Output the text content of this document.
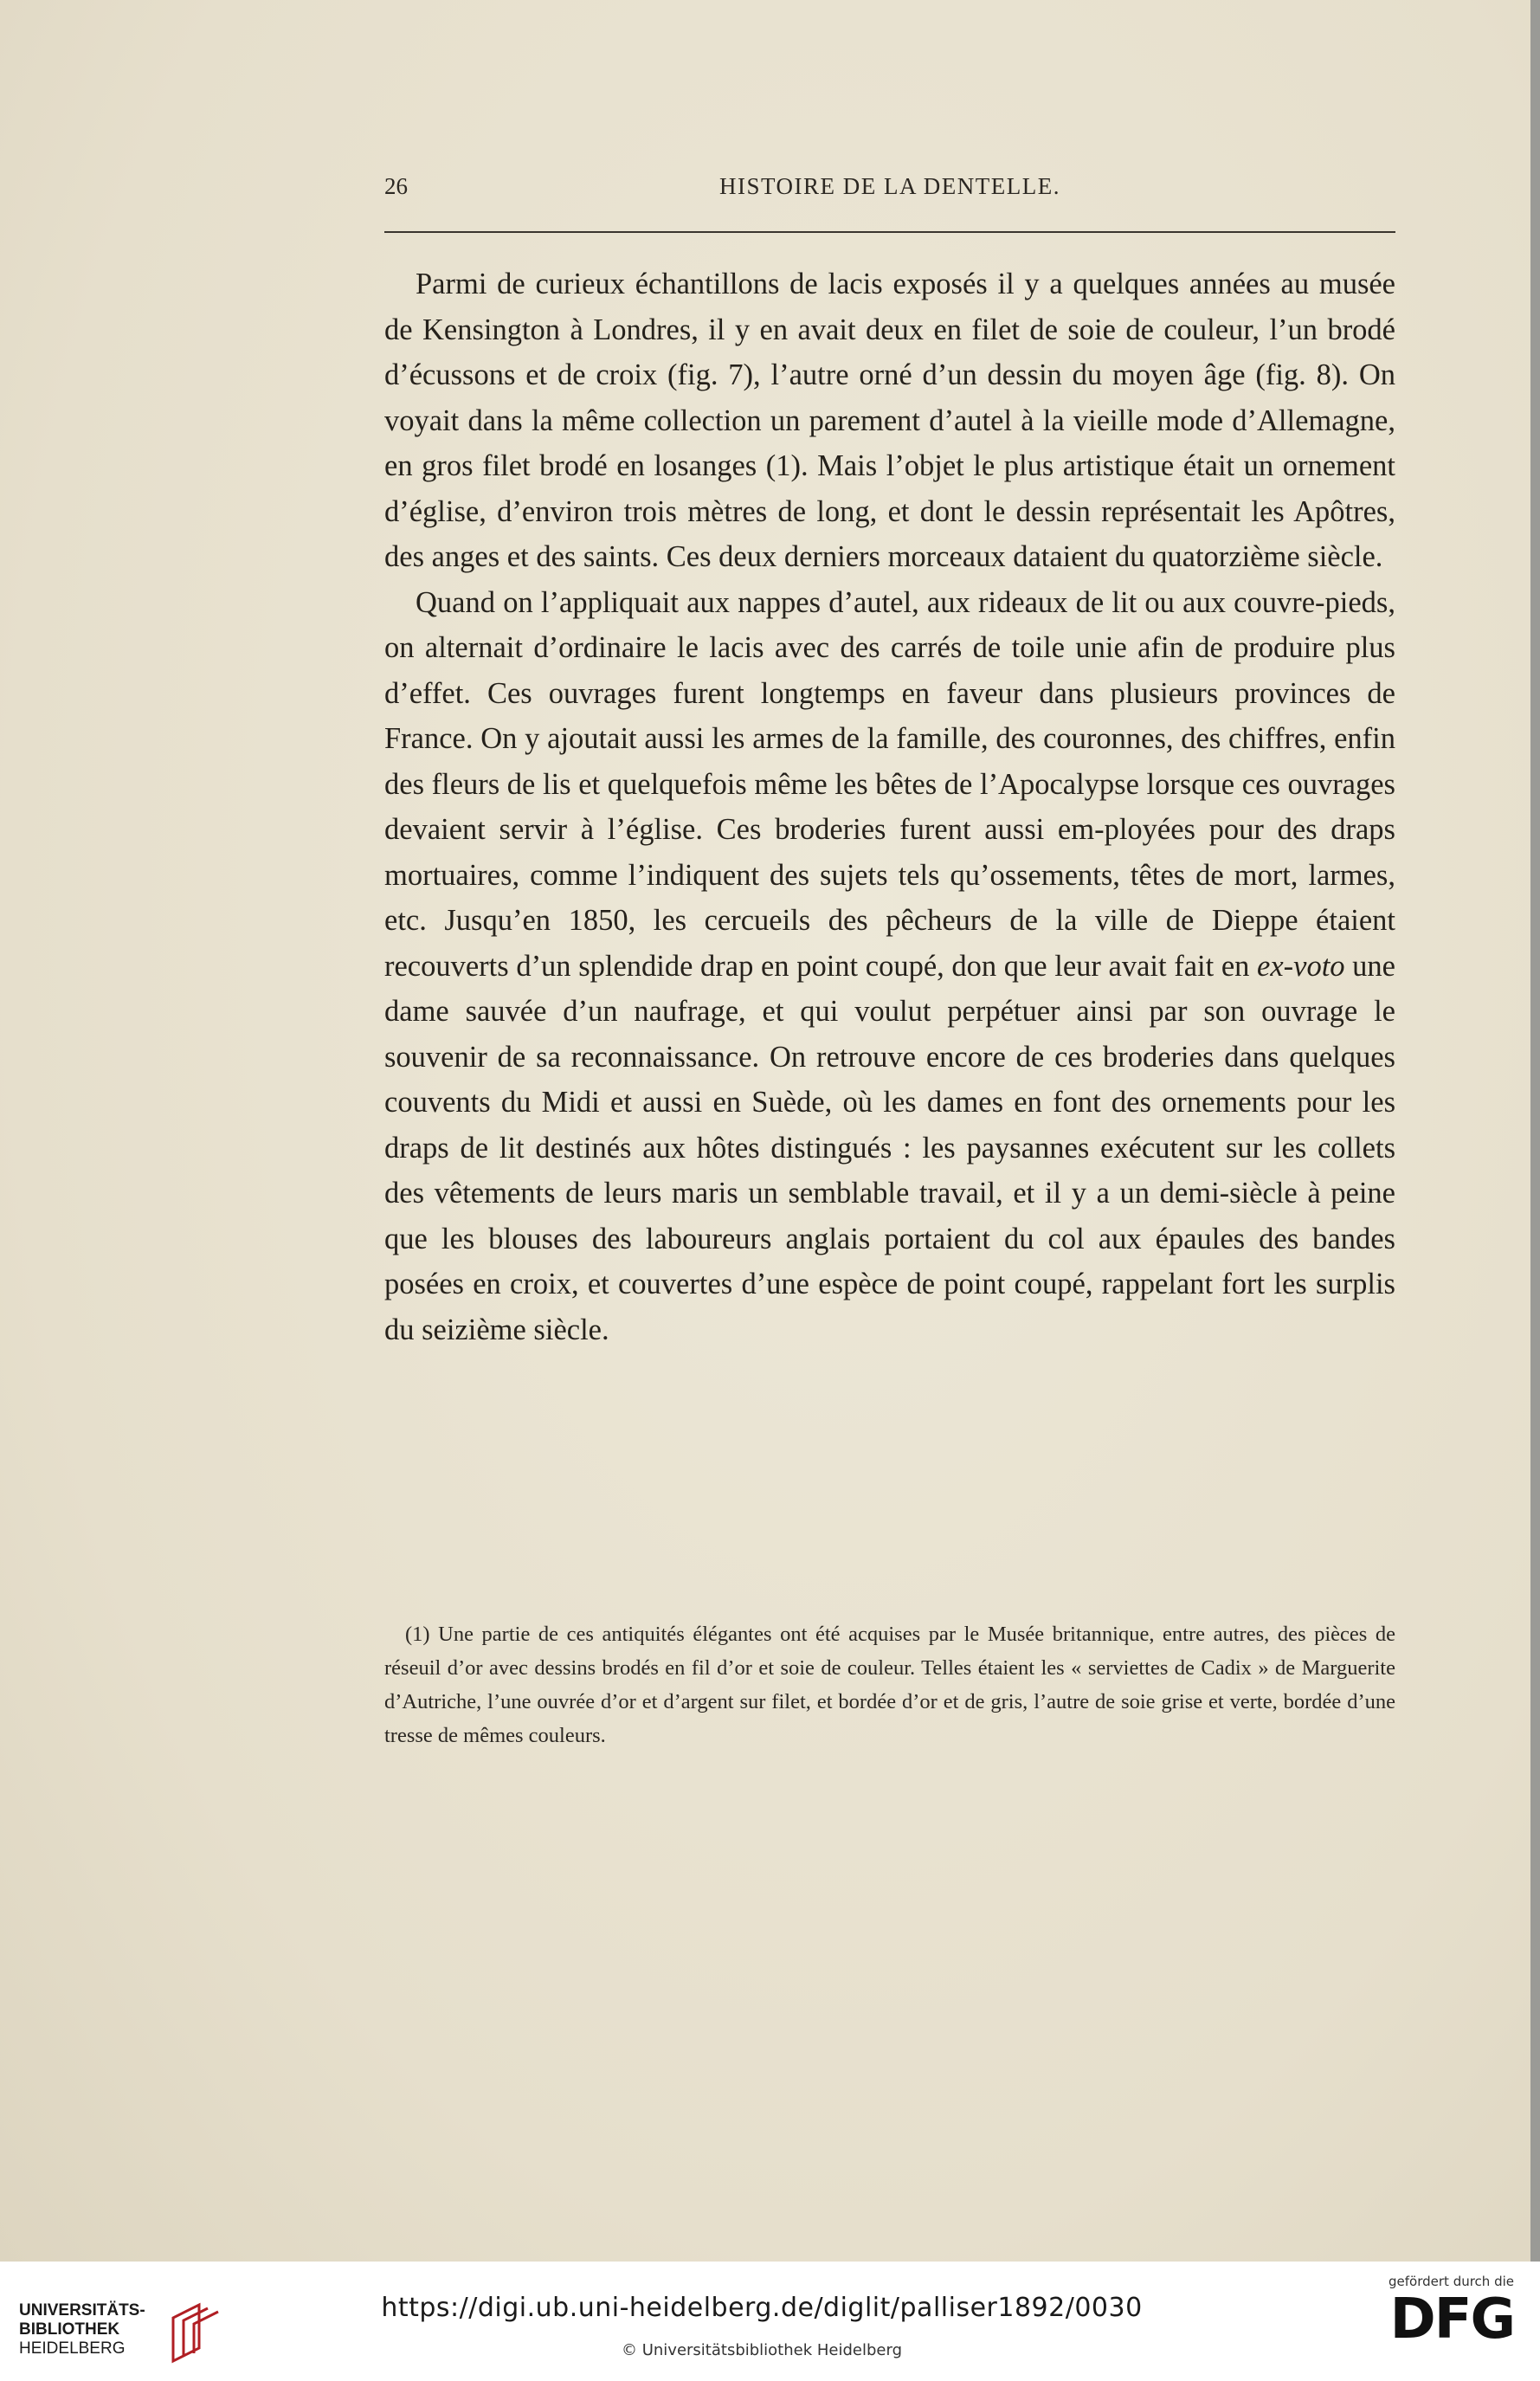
26	HISTOIRE DE LA DENTELLE.

Parmi de curieux échantillons de lacis exposés il y a quelques années au musée de Kensington à Londres, il y en avait deux en filet de soie de couleur, l’un brodé d’écussons et de croix (fig. 7), l’autre orné d’un dessin du moyen âge (fig. 8). On voyait dans la même collection un parement d’autel à la vieille mode d’Allemagne, en gros filet brodé en losanges (1). Mais l’objet le plus artistique était un ornement d’église, d’environ trois mètres de long, et dont le dessin représentait les Apôtres, des anges et des saints. Ces deux derniers morceaux dataient du quatorzième siècle.

Quand on l’appliquait aux nappes d’autel, aux rideaux de lit ou aux couvre-pieds, on alternait d’ordinaire le lacis avec des carrés de toile unie afin de produire plus d’effet. Ces ouvrages furent longtemps en faveur dans plusieurs provinces de France. On y ajoutait aussi les armes de la famille, des couronnes, des chiffres, enfin des fleurs de lis et quelquefois même les bêtes de l’Apocalypse lorsque ces ouvrages devaient servir à l’église. Ces broderies furent aussi em-ployées pour des draps mortuaires, comme l’indiquent des sujets tels qu’ossements, têtes de mort, larmes, etc. Jusqu’en 1850, les cercueils des pêcheurs de la ville de Dieppe étaient recouverts d’un splendide drap en point coupé, don que leur avait fait en ex-voto une dame sauvée d’un naufrage, et qui voulut perpétuer ainsi par son ouvrage le souvenir de sa reconnaissance. On retrouve encore de ces broderies dans quelques couvents du Midi et aussi en Suède, où les dames en font des ornements pour les draps de lit destinés aux hôtes distingués : les paysannes exécutent sur les collets des vêtements de leurs maris un semblable travail, et il y a un demi-siècle à peine que les blouses des laboureurs anglais portaient du col aux épaules des bandes posées en croix, et couvertes d’une espèce de point coupé, rappelant fort les surplis du seizième siècle.

(1) Une partie de ces antiquités élégantes ont été acquises par le Musée britannique, entre autres, des pièces de réseuil d’or avec dessins brodés en fil d’or et soie de couleur. Telles étaient les « serviettes de Cadix » de Marguerite d’Autriche, l’une ouvrée d’or et d’argent sur filet, et bordée d’or et de gris, l’autre de soie grise et verte, bordée d’une tresse de mêmes couleurs.

UNIVERSITÄTS-
BIBLIOTHEK
HEIDELBERG
https://digi.ub.uni-heidelberg.de/diglit/palliser1892/0030
© Universitätsbibliothek Heidelberg
gefördert durch die
DFG
